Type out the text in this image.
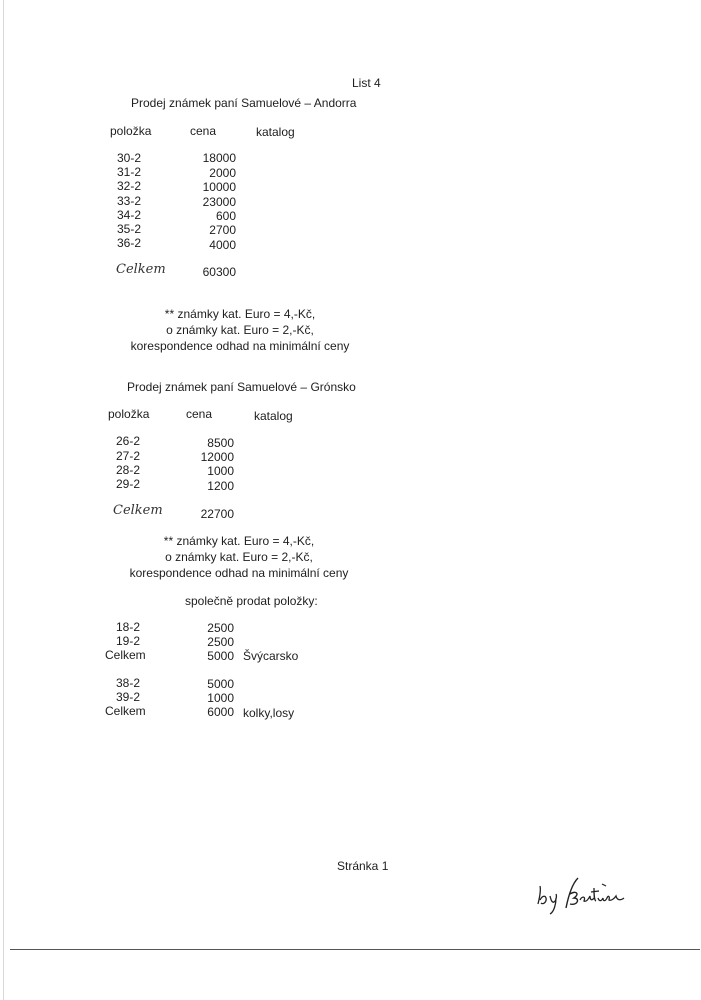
List 4
Prodej známek paní Samuelové – Andorra
položka	cena	katalog
30-2	18000
31-2	2000
32-2	10000
33-2	23000
34-2	600
35-2	2700
36-2	4000
Celkem	60300
** známky kat. Euro = 4,-Kč,
o známky kat. Euro = 2,-Kč,
korespondence odhad na minimální ceny
Prodej známek paní Samuelové – Grónsko
položka	cena	katalog
26-2	8500
27-2	12000
28-2	1000
29-2	1200
Celkem	22700
** známky kat. Euro = 4,-Kč,
o známky kat. Euro = 2,-Kč,
korespondence odhad na minimální ceny
společně prodat položky:
18-2	2500
19-2	2500
Celkem	5000 Švýcarsko
38-2	5000
39-2	1000
Celkem	6000 kolky,losy
Stránka 1
